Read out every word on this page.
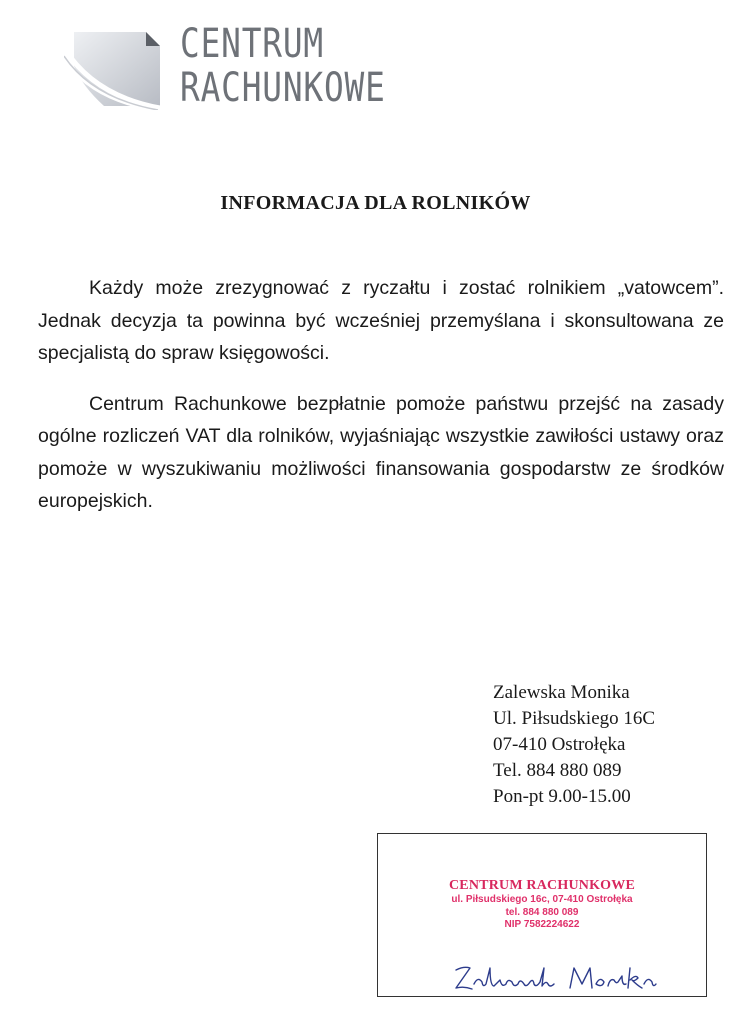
CENTRUM
RACHUNKOWE
INFORMACJA DLA ROLNIKÓW

Każdy może zrezygnować z ryczałtu i zostać rolnikiem „vatowcem”. Jednak decyzja ta powinna być wcześniej przemyślana i skonsultowana ze specjalistą do spraw księgowości.

Centrum Rachunkowe bezpłatnie pomoże państwu przejść na zasady ogólne rozliczeń VAT dla rolników, wyjaśniając wszystkie zawiłości ustawy oraz pomoże w wyszukiwaniu możliwości finansowania gospodarstw ze środków europejskich.

Zalewska Monika
Ul. Piłsudskiego 16C
07-410 Ostrołęka
Tel. 884 880 089
Pon-pt 9.00-15.00
CENTRUM RACHUNKOWE
ul. Piłsudskiego 16c, 07-410 Ostrołęka
tel. 884 880 089
NIP 7582224622
